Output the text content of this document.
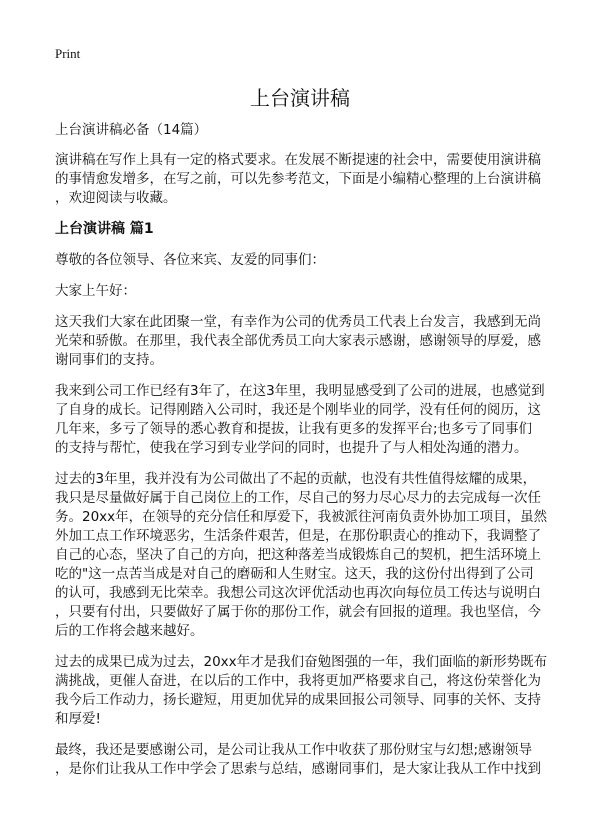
Print
上台演讲稿
上台演讲稿必备（14篇）
演讲稿在写作上具有一定的格式要求。在发展不断提速的社会中，需要使用演讲稿
的事情愈发增多，在写之前，可以先参考范文，下面是小编精心整理的上台演讲稿
，欢迎阅读与收藏。
上台演讲稿 篇1
尊敬的各位领导、各位来宾、友爱的同事们：
大家上午好：
这天我们大家在此团聚一堂，有幸作为公司的优秀员工代表上台发言，我感到无尚
光荣和骄傲。在那里，我代表全部优秀员工向大家表示感谢，感谢领导的厚爱，感
谢同事们的支持。
我来到公司工作已经有3年了，在这3年里，我明显感受到了公司的进展，也感觉到
了自身的成长。记得刚踏入公司时，我还是个刚毕业的同学，没有任何的阅历，这
几年来，多亏了领导的悉心教育和提拔，让我有更多的发挥平台;也多亏了同事们
的支持与帮忙，使我在学习到专业学问的同时，也提升了与人相处沟通的潜力。
过去的3年里，我并没有为公司做出了不起的贡献，也没有共性值得炫耀的成果，
我只是尽量做好属于自己岗位上的工作，尽自己的努力尽心尽力的去完成每一次任
务。20xx年，在领导的充分信任和厚爱下，我被派往河南负责外协加工项目，虽然
外加工点工作环境恶劣，生活条件艰苦，但是，在那份职责心的推动下，我调整了
自己的心态，坚决了自己的方向，把这种落差当成锻炼自己的契机，把生活环境上
吃的"这一点苦当成是对自己的磨砺和人生财宝。这天，我的这份付出得到了公司
的认可，我感到无比荣幸。我想公司这次评优活动也再次向每位员工传达与说明白
，只要有付出，只要做好了属于你的那份工作，就会有回报的道理。我也坚信，今
后的工作将会越来越好。
过去的成果已成为过去，20xx年才是我们奋勉图强的一年，我们面临的新形势既布
满挑战，更催人奋进，在以后的工作中，我将更加严格要求自己，将这份荣誉化为
我今后工作动力，扬长避短，用更加优异的成果回报公司领导、同事的关怀、支持
和厚爱!
最终，我还是要感谢公司，是公司让我从工作中收获了那份财宝与幻想;感谢领导
，是你们让我从工作中学会了思索与总结，感谢同事们，是大家让我从工作中找到
